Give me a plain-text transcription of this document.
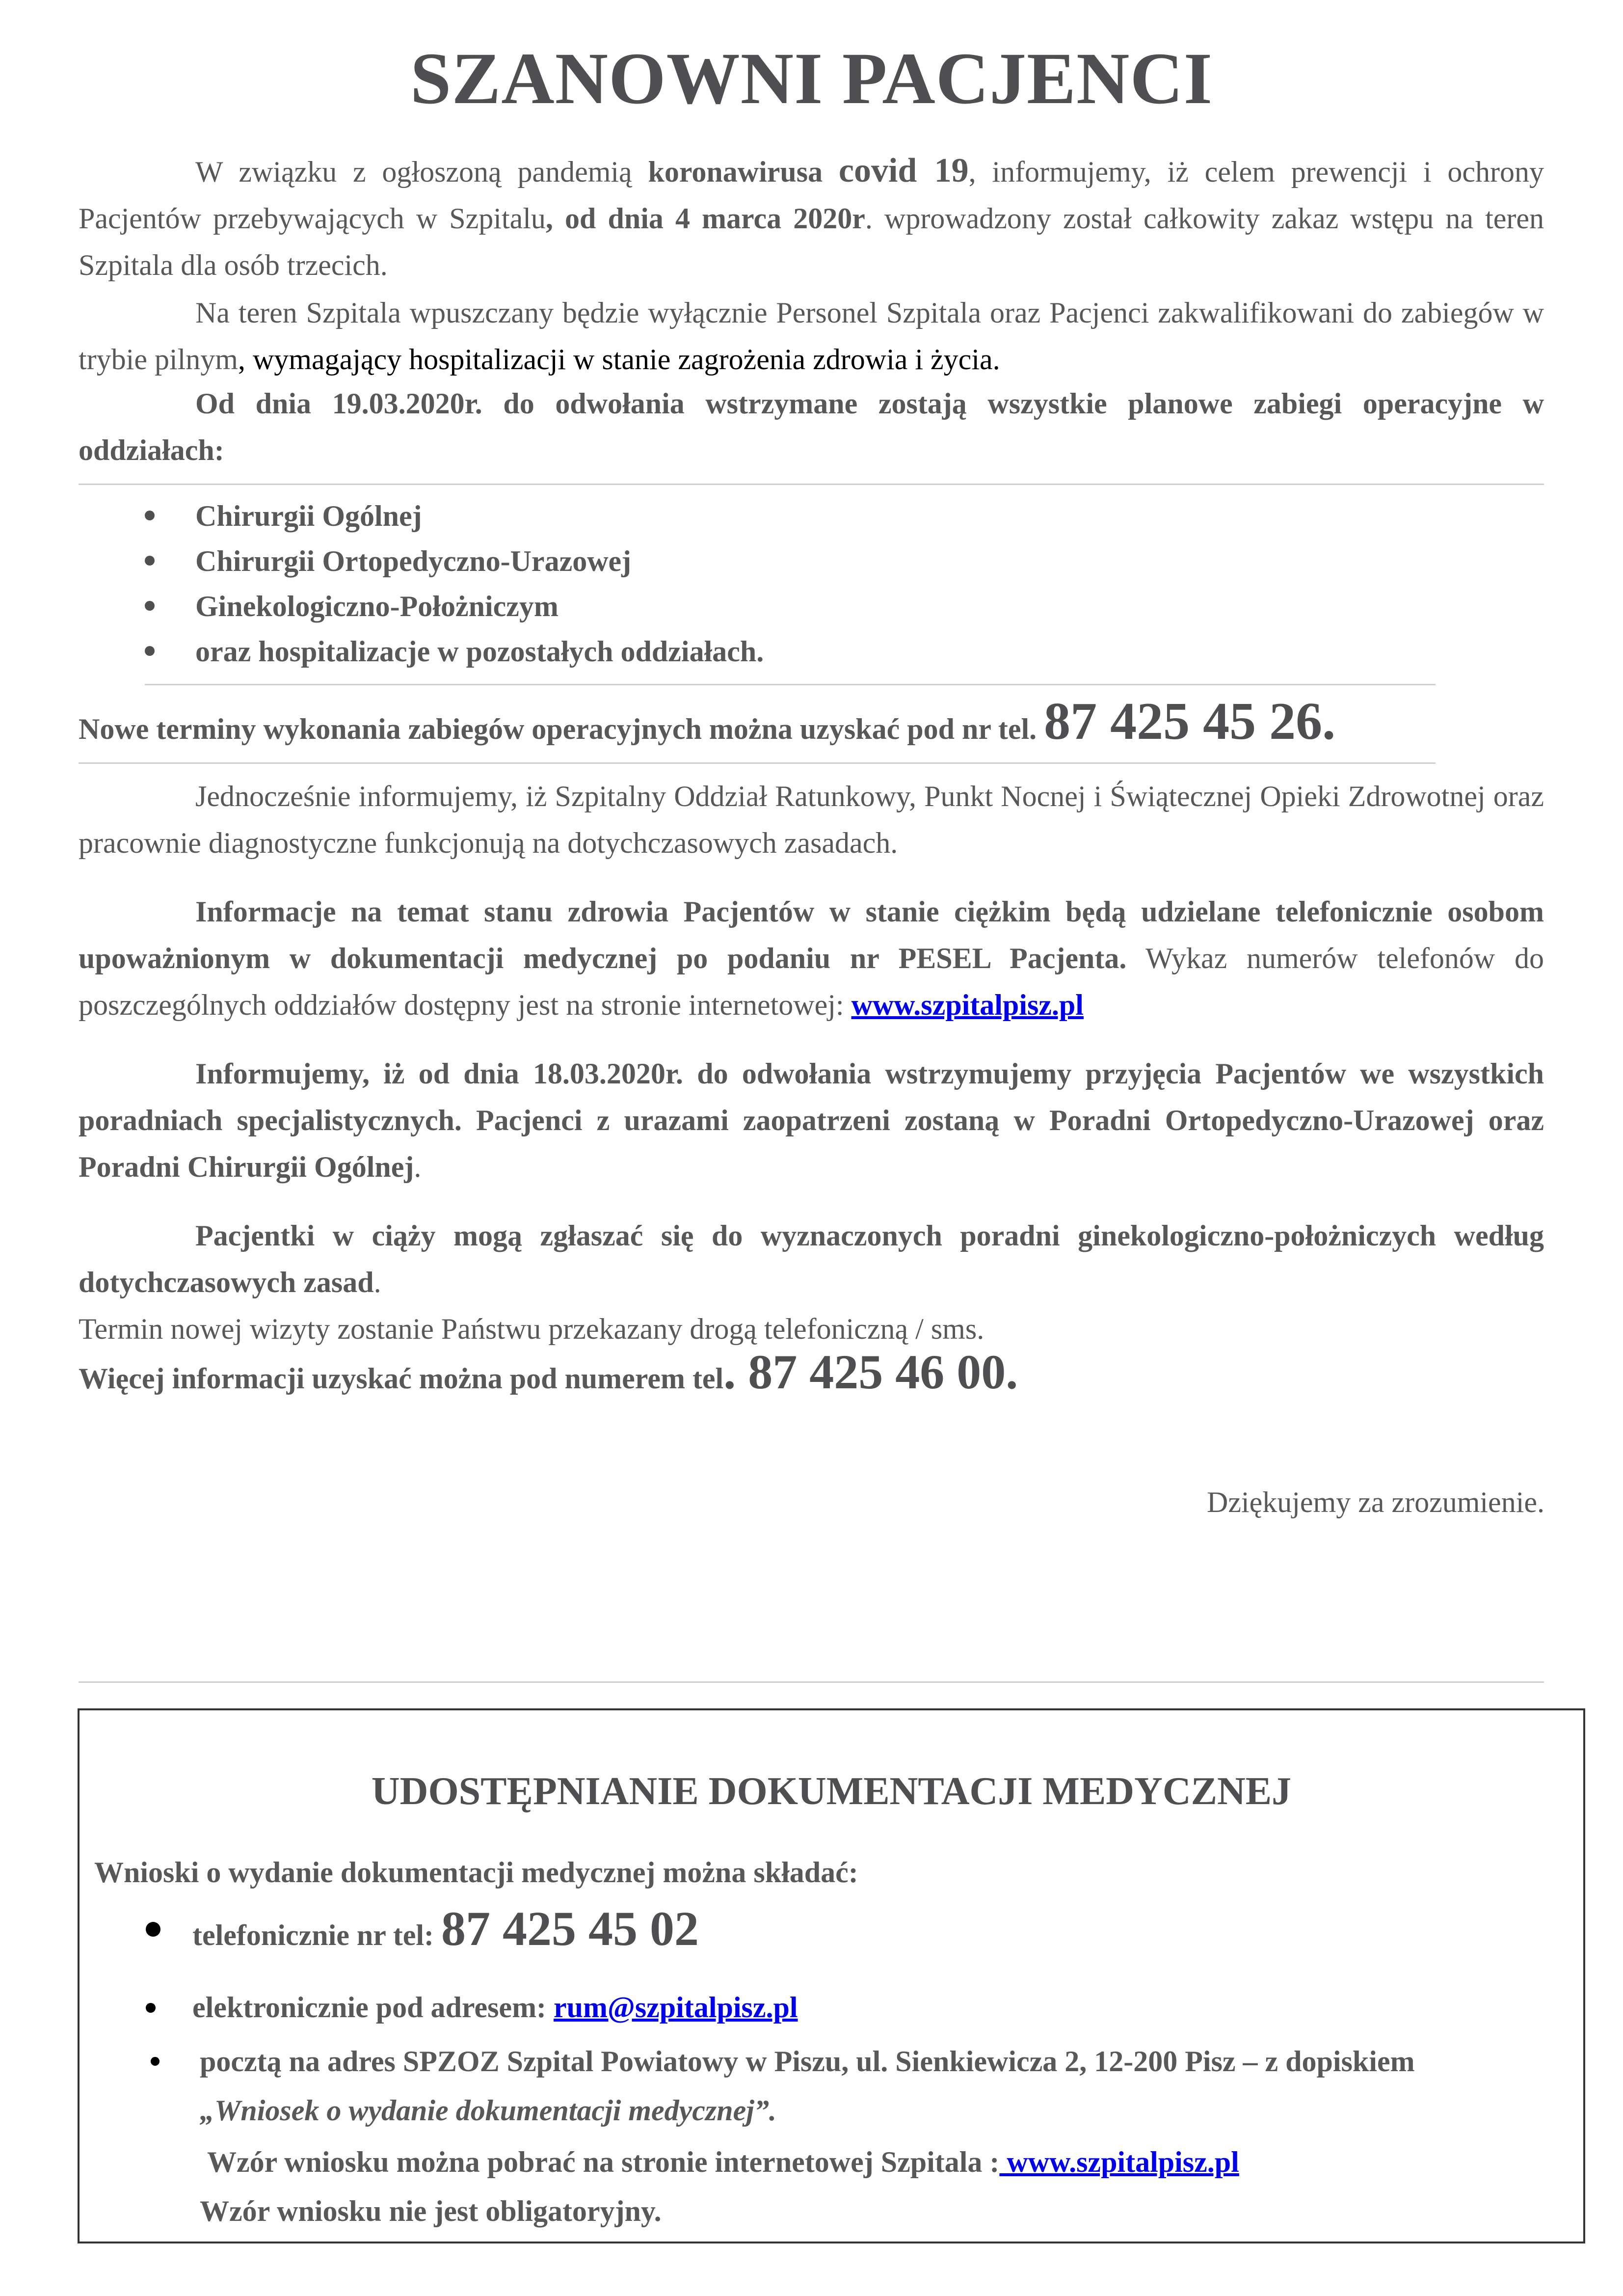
SZANOWNI PACJENCI

W związku z ogłoszoną pandemią koronawirusa covid 19, informujemy, iż celem prewencji i ochrony Pacjentów przebywających w Szpitalu, od dnia 4 marca 2020r. wprowadzony został całkowity zakaz wstępu na teren Szpitala dla osób trzecich.

Na teren Szpitala wpuszczany będzie wyłącznie Personel Szpitala oraz Pacjenci zakwalifikowani do zabiegów w trybie pilnym, wymagający hospitalizacji w stanie zagrożenia zdrowia i życia.

Od dnia 19.03.2020r. do odwołania wstrzymane zostają wszystkie planowe zabiegi operacyjne w oddziałach:

Chirurgii Ogólnej
Chirurgii Ortopedyczno-Urazowej
Ginekologiczno-Położniczym
oraz hospitalizacje w pozostałych oddziałach.

Nowe terminy wykonania zabiegów operacyjnych można uzyskać pod nr tel. 87 425 45 26.

Jednocześnie informujemy, iż Szpitalny Oddział Ratunkowy, Punkt Nocnej i Świątecznej Opieki Zdrowotnej oraz pracownie diagnostyczne funkcjonują na dotychczasowych zasadach.

Informacje na temat stanu zdrowia Pacjentów w stanie ciężkim będą udzielane telefonicznie osobom upoważnionym w dokumentacji medycznej po podaniu nr PESEL Pacjenta. Wykaz numerów telefonów do poszczególnych oddziałów dostępny jest na stronie internetowej: www.szpitalpisz.pl

Informujemy, iż od dnia 18.03.2020r. do odwołania wstrzymujemy przyjęcia Pacjentów we wszystkich poradniach specjalistycznych. Pacjenci z urazami zaopatrzeni zostaną w Poradni Ortopedyczno-Urazowej oraz Poradni Chirurgii Ogólnej.

Pacjentki w ciąży mogą zgłaszać się do wyznaczonych poradni ginekologiczno-położniczych według dotychczasowych zasad.

Termin nowej wizyty zostanie Państwu przekazany drogą telefoniczną / sms.

Więcej informacji uzyskać można pod numerem tel. 87 425 46 00.

Dziękujemy za zrozumienie.
UDOSTĘPNIANIE DOKUMENTACJI MEDYCZNEJ
Wnioski o wydanie dokumentacji medycznej można składać:
telefonicznie nr tel: 87 425 45 02
elektronicznie pod adresem: rum@szpitalpisz.pl
pocztą na adres SPZOZ Szpital Powiatowy w Piszu, ul. Sienkiewicza 2, 12-200 Pisz – z dopiskiem
„Wniosek o wydanie dokumentacji medycznej”.
Wzór wniosku można pobrać na stronie internetowej Szpitala : www.szpitalpisz.pl
Wzór wniosku nie jest obligatoryjny.
